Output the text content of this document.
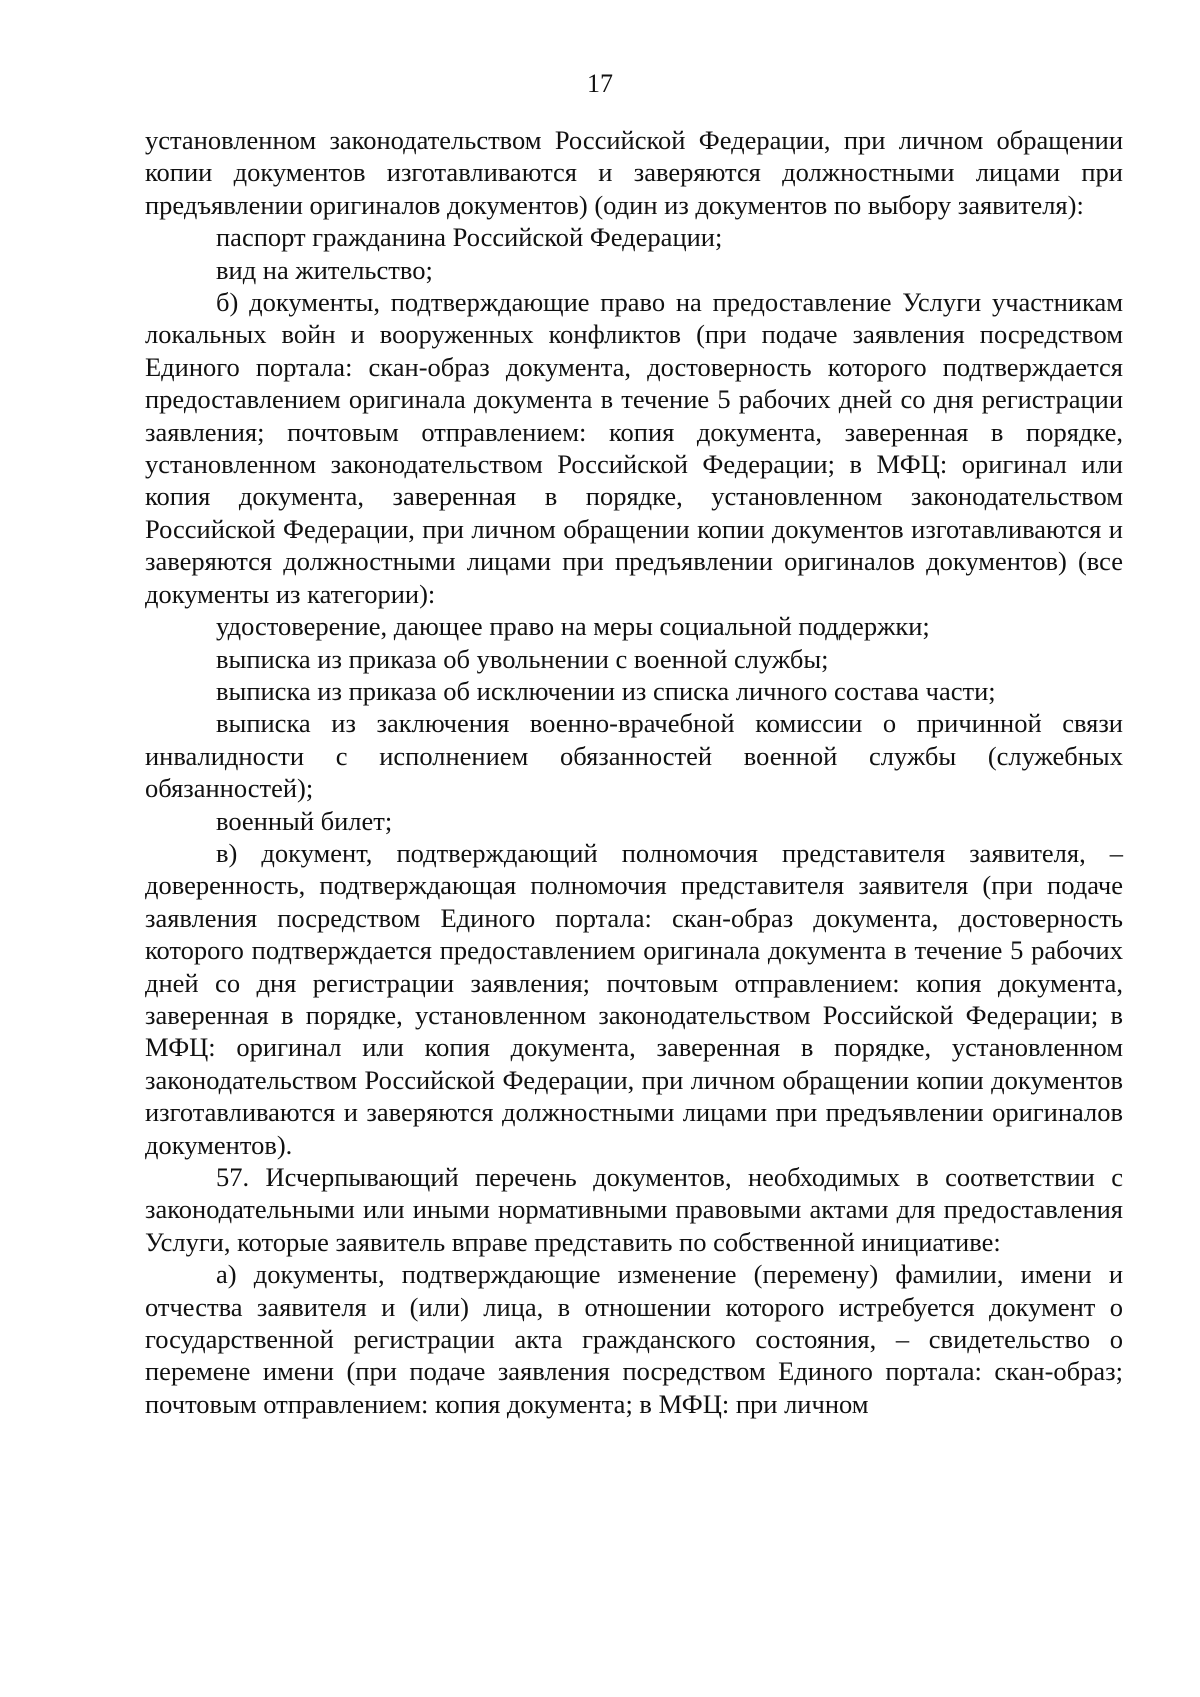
17

установленном законодательством Российской Федерации, при личном обращении копии документов изготавливаются и заверяются должностными лицами при предъявлении оригиналов документов) (один из документов по выбору заявителя):

паспорт гражданина Российской Федерации;

вид на жительство;

б) документы, подтверждающие право на предоставление Услуги участникам локальных войн и вооруженных конфликтов (при подаче заявления посредством Единого портала: скан-образ документа, достоверность которого подтверждается предоставлением оригинала документа в течение 5 рабочих дней со дня регистрации заявления; почтовым отправлением: копия документа, заверенная в порядке, установленном законодательством Российской Федерации; в МФЦ: оригинал или копия документа, заверенная в порядке, установленном законодательством Российской Федерации, при личном обращении копии документов изготавливаются и заверяются должностными лицами при предъявлении оригиналов документов) (все документы из категории):

удостоверение, дающее право на меры социальной поддержки;

выписка из приказа об увольнении с военной службы;

выписка из приказа об исключении из списка личного состава части;

выписка из заключения военно-врачебной комиссии о причинной связи инвалидности с исполнением обязанностей военной службы (служебных обязанностей);

военный билет;

в) документ, подтверждающий полномочия представителя заявителя, – доверенность, подтверждающая полномочия представителя заявителя (при подаче заявления посредством Единого портала: скан-образ документа, достоверность которого подтверждается предоставлением оригинала документа в течение 5 рабочих дней со дня регистрации заявления; почтовым отправлением: копия документа, заверенная в порядке, установленном законодательством Российской Федерации; в МФЦ: оригинал или копия документа, заверенная в порядке, установленном законодательством Российской Федерации, при личном обращении копии документов изготавливаются и заверяются должностными лицами при предъявлении оригиналов документов).

57. Исчерпывающий перечень документов, необходимых в соответствии с законодательными или иными нормативными правовыми актами для предоставления Услуги, которые заявитель вправе представить по собственной инициативе:

а) документы, подтверждающие изменение (перемену) фамилии, имени и отчества заявителя и (или) лица, в отношении которого истребуется документ о государственной регистрации акта гражданского состояния, – свидетельство о перемене имени (при подаче заявления посредством Единого портала: скан-образ; почтовым отправлением: копия документа; в МФЦ: при личном
